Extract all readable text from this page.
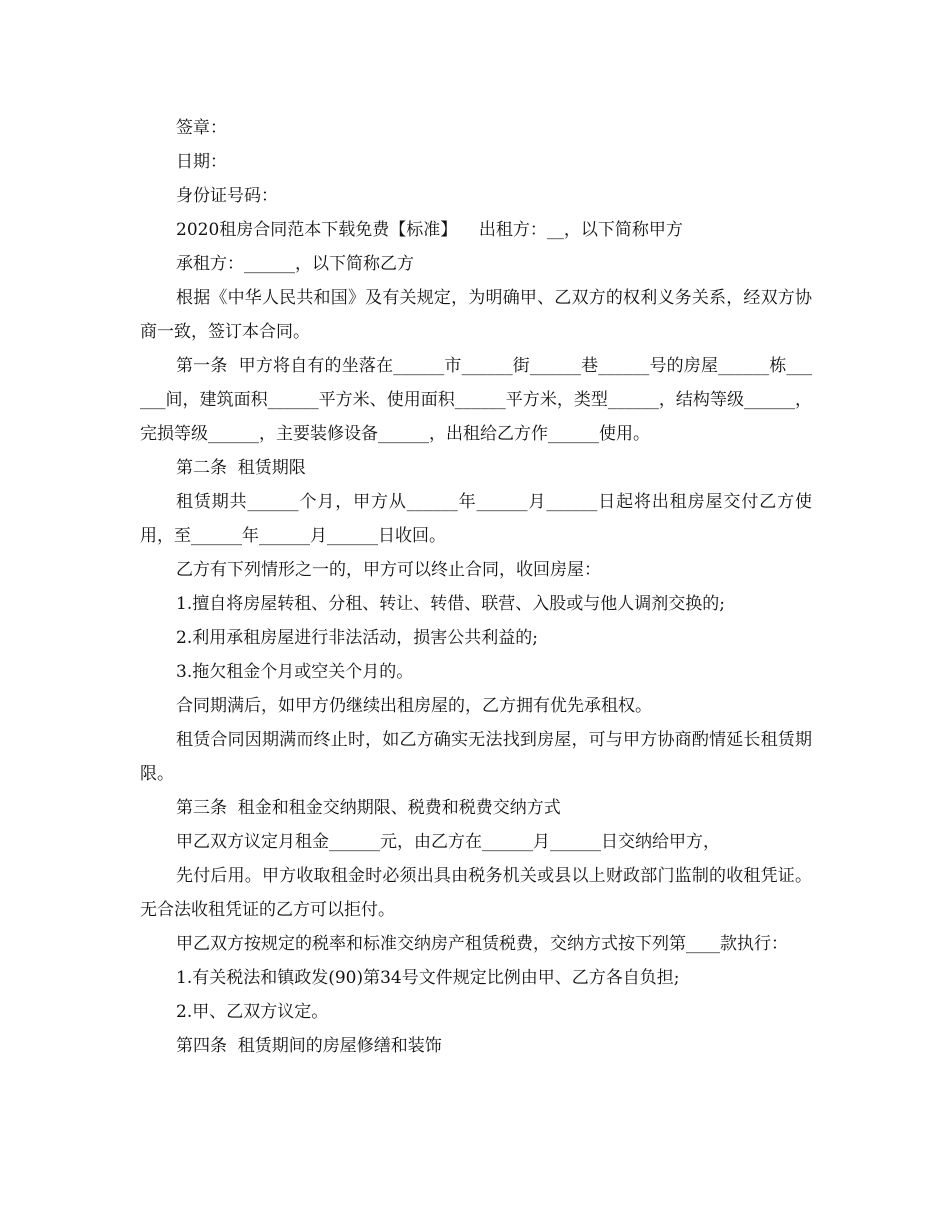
签章：

日期：

身份证号码：

2020租房合同范本下载免费【标准】    出租方：__，以下简称甲方

承租方：______，以下简称乙方

根据《中华人民共和国》及有关规定，为明确甲、乙双方的权利义务关系，经双方协商一致，签订本合同。

第一条  甲方将自有的坐落在______市______街______巷______号的房屋______栋______间，建筑面积______平方米、使用面积______平方米，类型______，结构等级______，完损等级______，主要装修设备______，出租给乙方作______使用。

第二条  租赁期限

租赁期共______个月，甲方从______年______月______日起将出租房屋交付乙方使用，至______年______月______日收回。

乙方有下列情形之一的，甲方可以终止合同，收回房屋：

1.擅自将房屋转租、分租、转让、转借、联营、入股或与他人调剂交换的;

2.利用承租房屋进行非法活动，损害公共利益的;

3.拖欠租金个月或空关个月的。

合同期满后，如甲方仍继续出租房屋的，乙方拥有优先承租权。

租赁合同因期满而终止时，如乙方确实无法找到房屋，可与甲方协商酌情延长租赁期限。

第三条  租金和租金交纳期限、税费和税费交纳方式

甲乙双方议定月租金______元，由乙方在______月______日交纳给甲方，

先付后用。甲方收取租金时必须出具由税务机关或县以上财政部门监制的收租凭证。无合法收租凭证的乙方可以拒付。

甲乙双方按规定的税率和标准交纳房产租赁税费，交纳方式按下列第____款执行：

1.有关税法和镇政发(90)第34号文件规定比例由甲、乙方各自负担;

2.甲、乙双方议定。

第四条  租赁期间的房屋修缮和装饰
